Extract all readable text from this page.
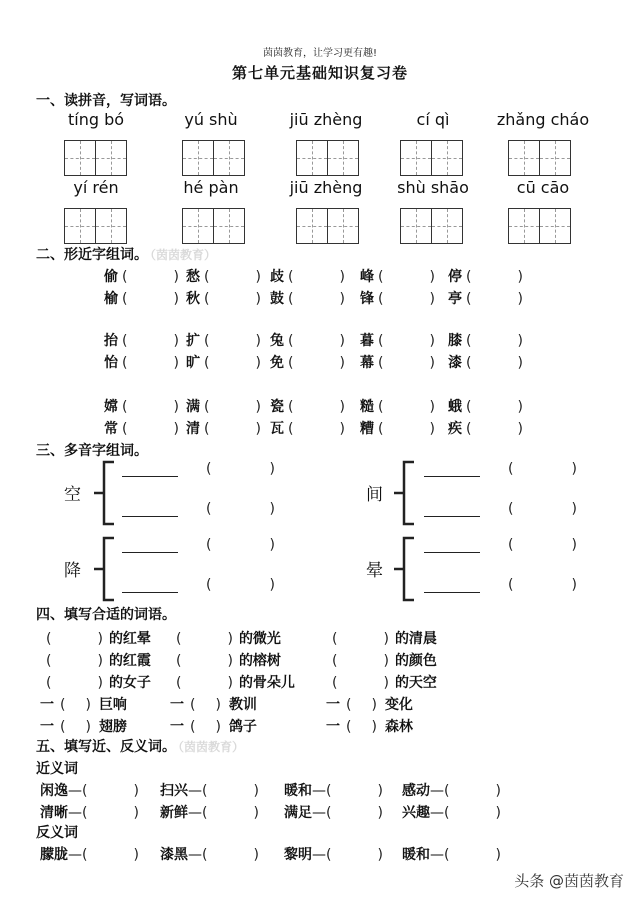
茵茵教育，让学习更有趣!
第七单元基础知识复习卷
一、读拼音，写词语。
tíng bó	yú shù	jiū zhèng	cí qì	zhǎng cháo
yí rén	hé pàn	jiū zhèng	shù shāo	cū cāo
二、形近字组词。 （茵茵教育）
偷 (	) 愁 (	) 歧 (	) 峰 (	) 停 (	)
榆 (	) 秋 (	) 鼓 (	) 锋 (	) 亭 (	)
抬 (	) 扩 (	) 兔 (	) 暮 (	) 膝 (	)
怡 (	) 旷 (	) 免 (	) 幕 (	) 漆 (	)
嫦 (	) 满 (	) 瓷 (	) 糙 (	) 蛾 (	)
常 (	) 清 (	) 瓦 (	) 糟 (	) 疾 (	)
三、多音字组词。
空
(	)
(	)
间
(	)
(	)
降
(	)
(	)
晕
(	)
(	)
四、填写合适的词语。
(	) 的红晕 (	) 的微光	(	) 的清晨
(	) 的红霞 (	) 的榕树	(	) 的颜色
(	) 的女子 (	) 的骨朵儿	(	) 的天空
一 ( ) 巨响	一 ( ) 教训	一 ( ) 变化
一 ( ) 翅膀	一 ( ) 鸽子	一 ( ) 森林
五、填写近、反义词。 （茵茵教育）
近义词
反义词
闲逸—(	) 扫兴—(	) 暖和—(	) 感动—(	)
清晰—(	) 新鲜—(	) 满足—(	) 兴趣—(	)
朦胧—(	) 漆黑—(	) 黎明—(	) 暖和—(	)
头条 @茵茵教育
